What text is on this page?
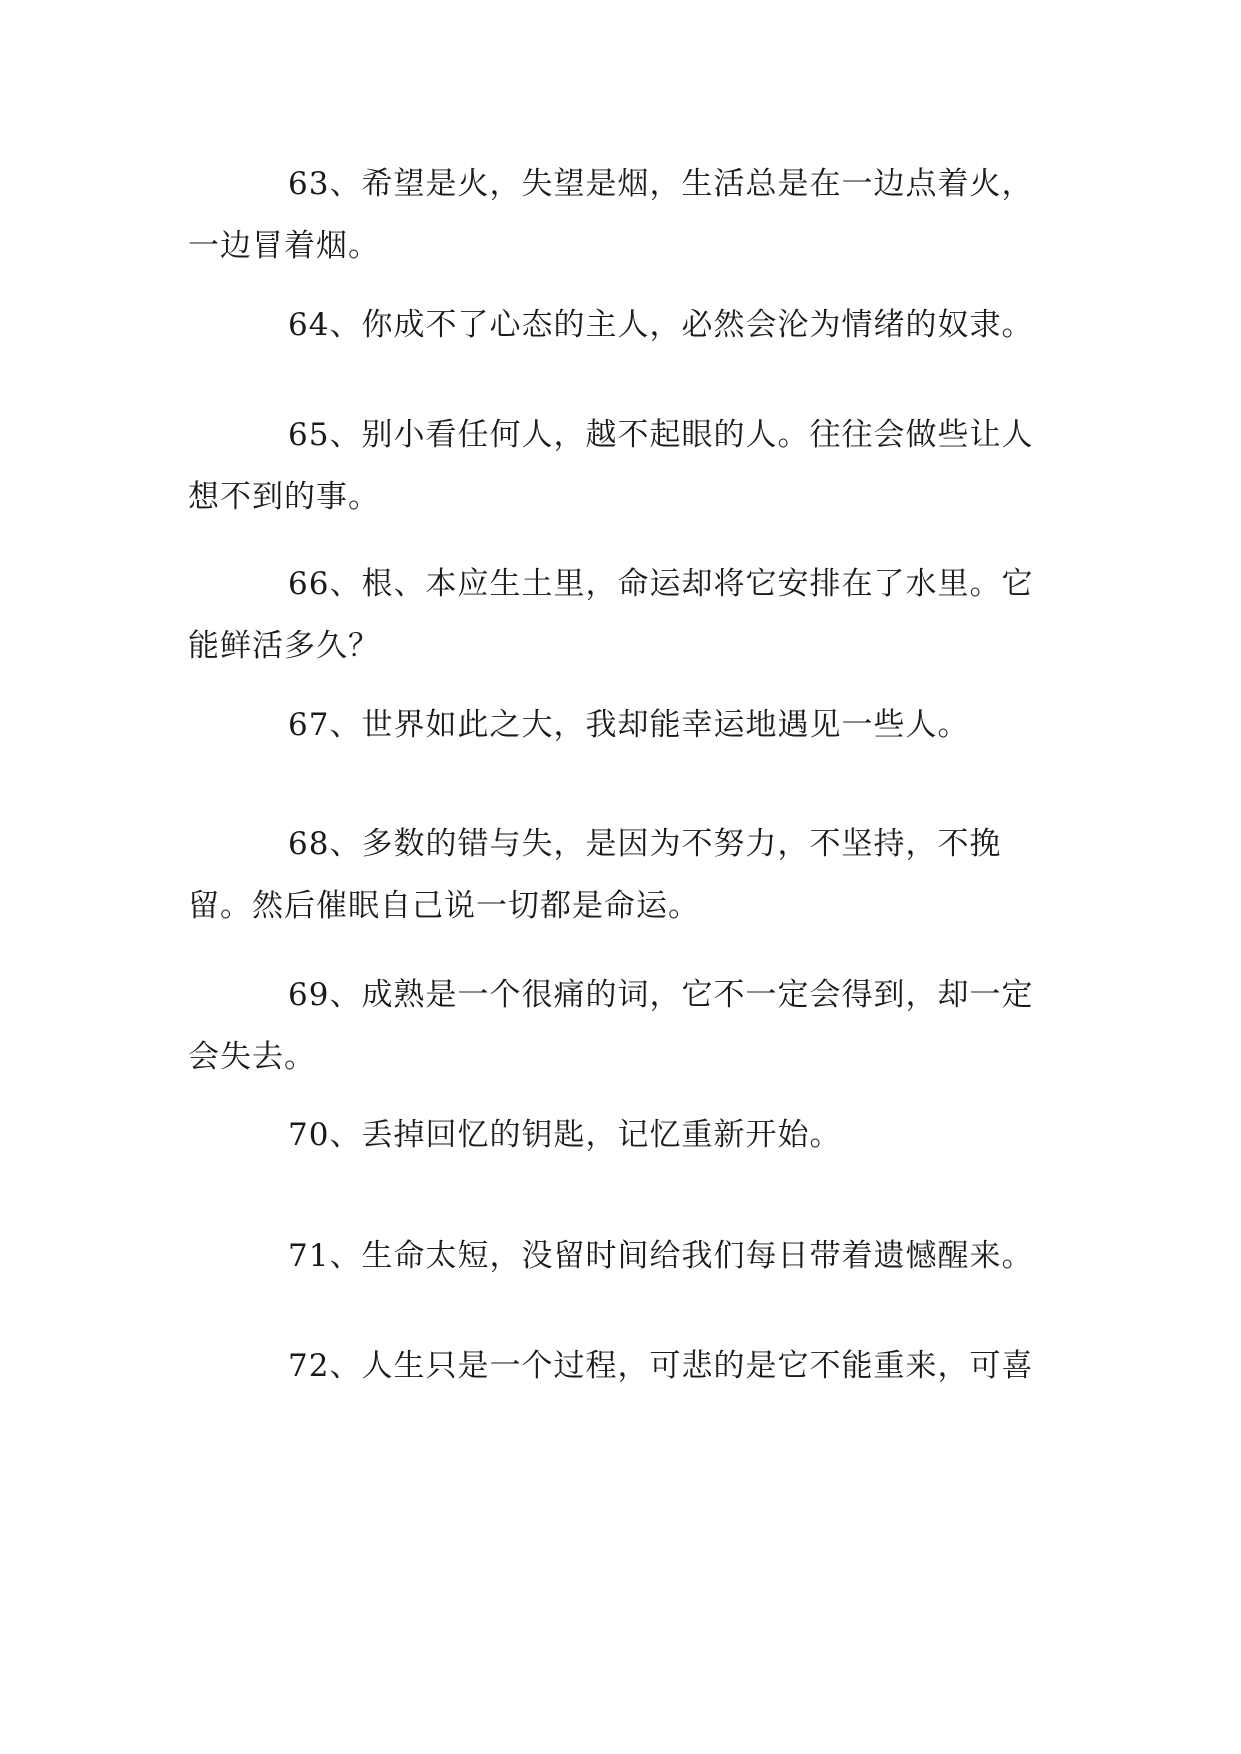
63、希望是火，失望是烟，生活总是在一边点着火，一边冒着烟。

64、你成不了心态的主人，必然会沦为情绪的奴隶。

65、别小看任何人，越不起眼的人。往往会做些让人想不到的事。

66、根、本应生土里，命运却将它安排在了水里。它能鲜活多久？

67、世界如此之大，我却能幸运地遇见一些人。

68、多数的错与失，是因为不努力，不坚持，不挽留。然后催眠自己说一切都是命运。

69、成熟是一个很痛的词，它不一定会得到，却一定会失去。

70、丢掉回忆的钥匙，记忆重新开始。

71、生命太短，没留时间给我们每日带着遗憾醒来。

72、人生只是一个过程，可悲的是它不能重来，可喜
